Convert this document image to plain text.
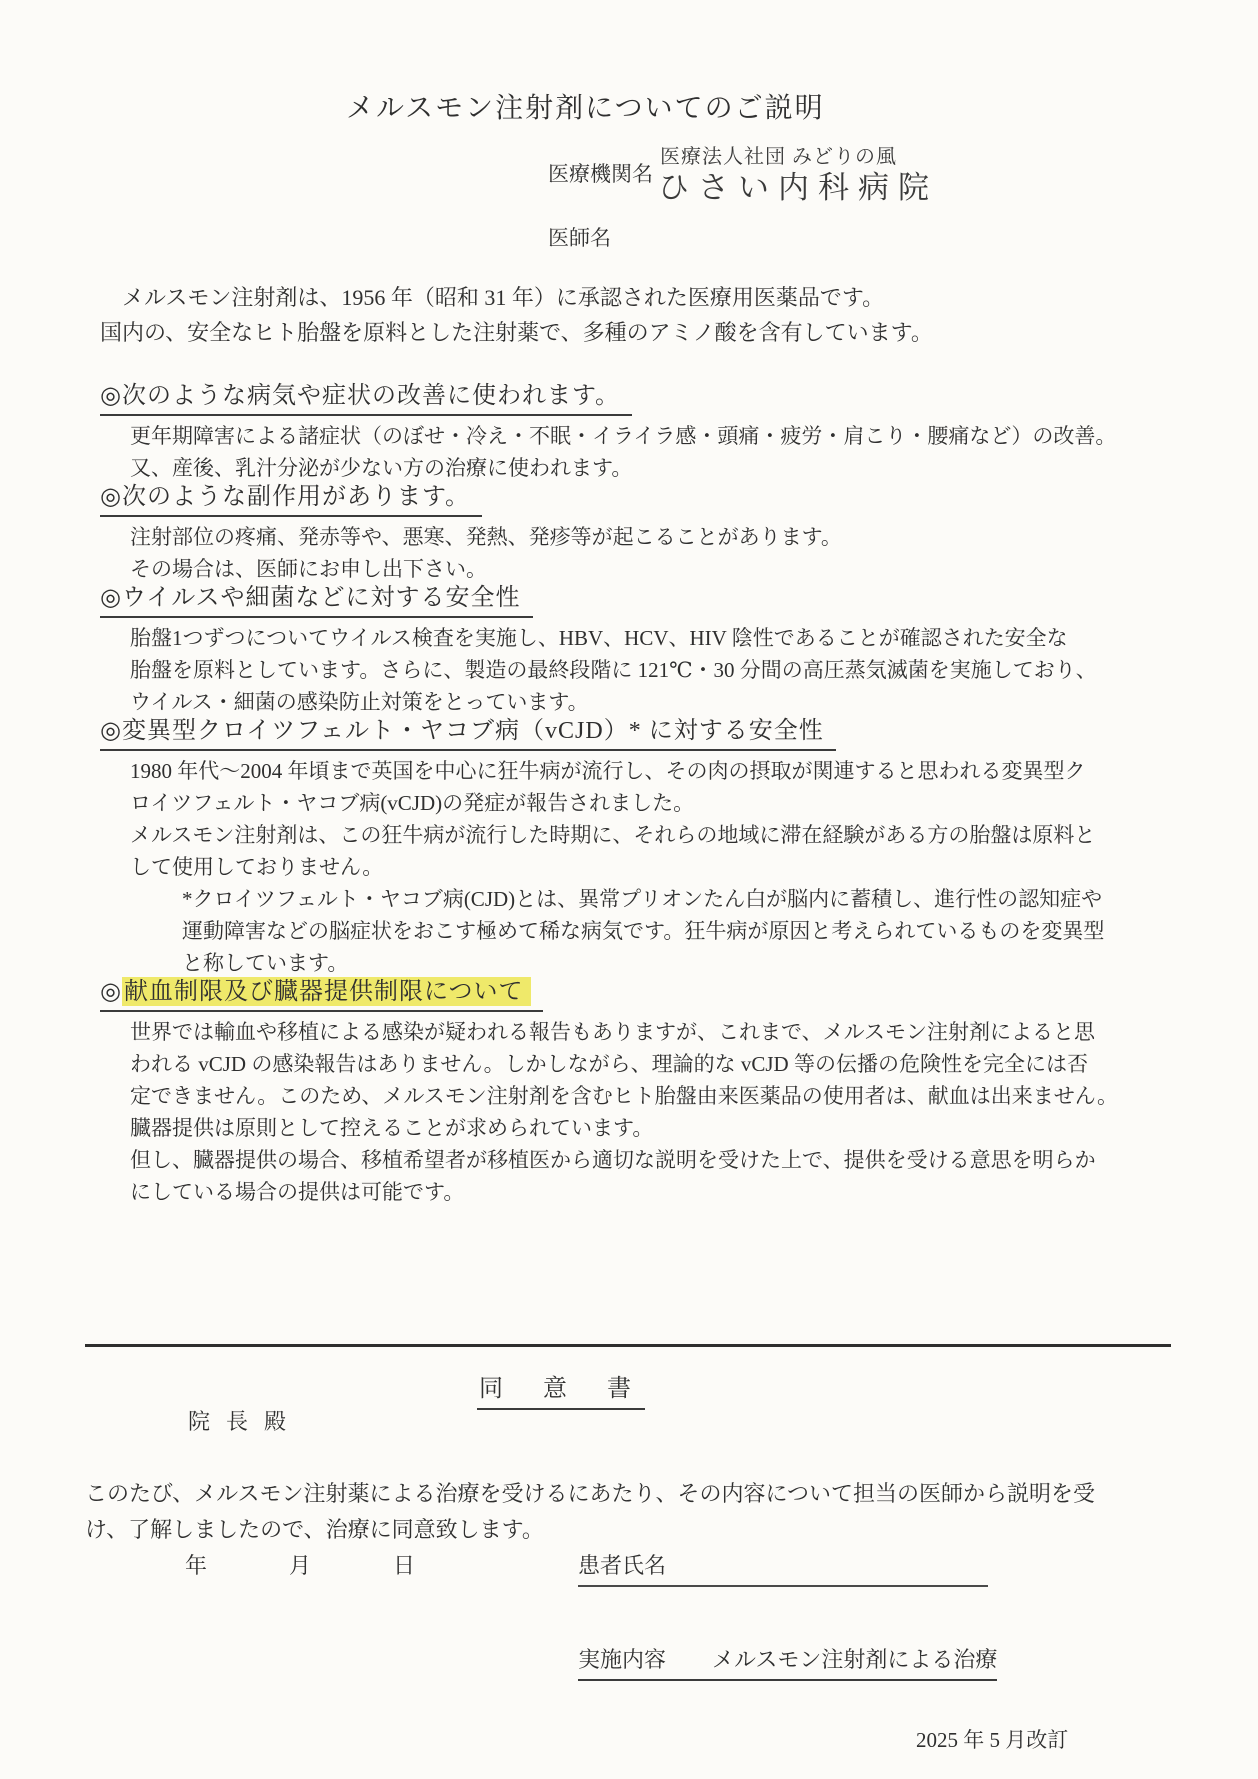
メルスモン注射剤についてのご説明
医療機関名
医療法人社団 みどりの風
ひさい内科病院
医師名
メルスモン注射剤は、1956 年（昭和 31 年）に承認された医療用医薬品です。
国内の、安全なヒト胎盤を原料とした注射薬で、多種のアミノ酸を含有しています。
◎次のような病気や症状の改善に使われます。
更年期障害による諸症状（のぼせ・冷え・不眠・イライラ感・頭痛・疲労・肩こり・腰痛など）の改善。
又、産後、乳汁分泌が少ない方の治療に使われます。
◎次のような副作用があります。
注射部位の疼痛、発赤等や、悪寒、発熱、発疹等が起こることがあります。
その場合は、医師にお申し出下さい。
◎ウイルスや細菌などに対する安全性
胎盤1つずつについてウイルス検査を実施し、HBV、HCV、HIV 陰性であることが確認された安全な
胎盤を原料としています。さらに、製造の最終段階に 121℃・30 分間の高圧蒸気滅菌を実施しており、
ウイルス・細菌の感染防止対策をとっています。
◎変異型クロイツフェルト・ヤコブ病（vCJD）* に対する安全性
1980 年代～2004 年頃まで英国を中心に狂牛病が流行し、その肉の摂取が関連すると思われる変異型ク
ロイツフェルト・ヤコブ病(vCJD)の発症が報告されました。
メルスモン注射剤は、この狂牛病が流行した時期に、それらの地域に滞在経験がある方の胎盤は原料と
して使用しておりません。
*クロイツフェルト・ヤコブ病(CJD)とは、異常プリオンたん白が脳内に蓄積し、進行性の認知症や
運動障害などの脳症状をおこす極めて稀な病気です。狂牛病が原因と考えられているものを変異型
と称しています。
◎献血制限及び臓器提供制限について
世界では輸血や移植による感染が疑われる報告もありますが、これまで、メルスモン注射剤によると思
われる vCJD の感染報告はありません。しかしながら、理論的な vCJD 等の伝播の危険性を完全には否
定できません。このため、メルスモン注射剤を含むヒト胎盤由来医薬品の使用者は、献血は出来ません。
臓器提供は原則として控えることが求められています。
但し、臓器提供の場合、移植希望者が移植医から適切な説明を受けた上で、提供を受ける意思を明らか
にしている場合の提供は可能です。
同　意　書
院長殿
このたび、メルスモン注射薬による治療を受けるにあたり、その内容について担当の医師から説明を受
け、了解しましたので、治療に同意致します。
年　月　日	患者氏名
実施内容 メルスモン注射剤による治療
2025 年 5 月改訂
